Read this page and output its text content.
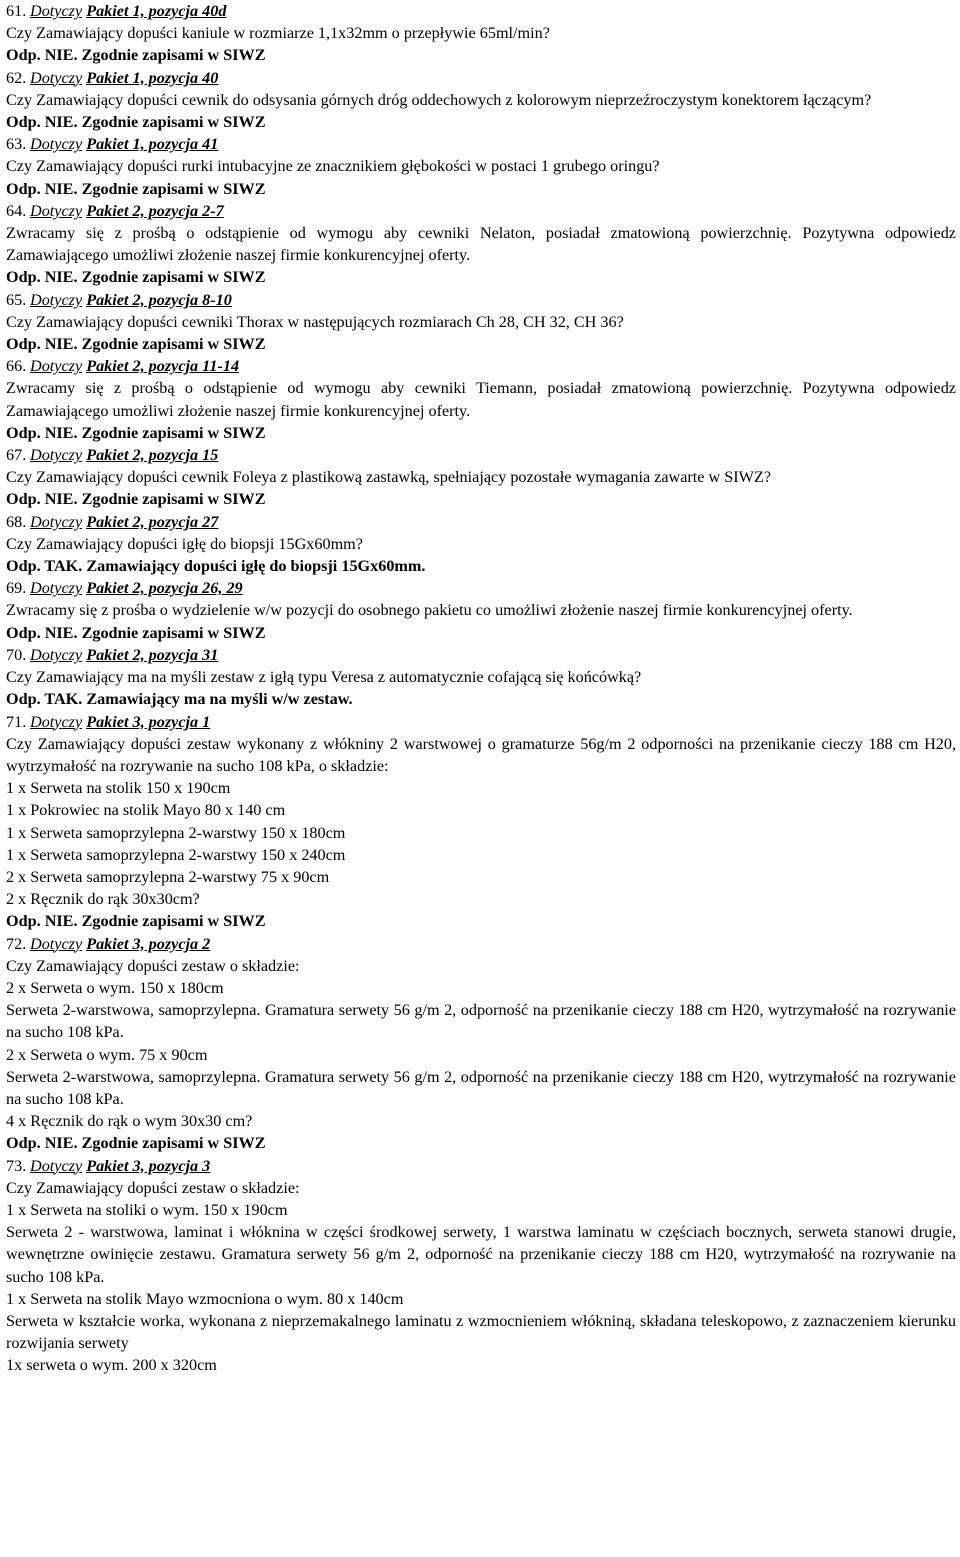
61. Dotyczy Pakiet 1, pozycja 40d
Czy Zamawiający dopuści kaniule w rozmiarze 1,1x32mm o przepływie 65ml/min?
Odp. NIE. Zgodnie zapisami w SIWZ
62. Dotyczy Pakiet 1, pozycja 40
Czy Zamawiający dopuści cewnik do odsysania górnych dróg oddechowych z kolorowym nieprzeźroczystym konektorem łączącym?
Odp. NIE. Zgodnie zapisami w SIWZ
63. Dotyczy Pakiet 1, pozycja 41
Czy Zamawiający dopuści rurki intubacyjne ze znacznikiem głębokości w postaci 1 grubego oringu?
Odp. NIE. Zgodnie zapisami w SIWZ
64. Dotyczy Pakiet 2, pozycja 2-7
Zwracamy się z prośbą o odstąpienie od wymogu aby cewniki Nelaton, posiadał zmatowioną powierzchnię. Pozytywna odpowiedz Zamawiającego umożliwi złożenie naszej firmie konkurencyjnej oferty.
Odp. NIE. Zgodnie zapisami w SIWZ
65. Dotyczy Pakiet 2, pozycja 8-10
Czy Zamawiający dopuści cewniki Thorax w następujących rozmiarach Ch 28, CH 32, CH 36?
Odp. NIE. Zgodnie zapisami w SIWZ
66. Dotyczy Pakiet 2, pozycja 11-14
Zwracamy się z prośbą o odstąpienie od wymogu aby cewniki Tiemann, posiadał zmatowioną powierzchnię. Pozytywna odpowiedz Zamawiającego umożliwi złożenie naszej firmie konkurencyjnej oferty.
Odp. NIE. Zgodnie zapisami w SIWZ
67. Dotyczy Pakiet 2, pozycja 15
Czy Zamawiający dopuści cewnik Foleya z plastikową zastawką, spełniający pozostałe wymagania zawarte w SIWZ?
Odp. NIE. Zgodnie zapisami w SIWZ
68. Dotyczy Pakiet 2, pozycja 27
Czy Zamawiający dopuści igłę do biopsji 15Gx60mm?
Odp. TAK. Zamawiający dopuści igłę do biopsji 15Gx60mm.
69. Dotyczy Pakiet 2, pozycja 26, 29
Zwracamy się z prośba o wydzielenie w/w pozycji do osobnego pakietu co umożliwi złożenie naszej firmie konkurencyjnej oferty.
Odp. NIE. Zgodnie zapisami w SIWZ
70. Dotyczy Pakiet 2, pozycja 31
Czy Zamawiający ma na myśli zestaw z igłą typu Veresa z automatycznie cofającą się końcówką?
Odp. TAK. Zamawiający ma na myśli w/w zestaw.
71. Dotyczy Pakiet 3, pozycja 1
Czy Zamawiający dopuści zestaw wykonany z włókniny 2 warstwowej o gramaturze 56g/m 2 odporności na przenikanie cieczy 188 cm H20, wytrzymałość na rozrywanie na sucho 108 kPa, o składzie:
1 x Serweta na stolik 150 x 190cm
1 x Pokrowiec na stolik Mayo 80 x 140 cm
1 x Serweta samoprzylepna 2-warstwy 150 x 180cm
1 x Serweta samoprzylepna 2-warstwy 150 x 240cm
2 x Serweta samoprzylepna 2-warstwy 75 x 90cm
2 x Ręcznik do rąk 30x30cm?
Odp. NIE. Zgodnie zapisami w SIWZ
72. Dotyczy Pakiet 3, pozycja 2
Czy Zamawiający dopuści zestaw o składzie:
2 x Serweta o wym. 150 x 180cm
Serweta 2-warstwowa, samoprzylepna. Gramatura serwety 56 g/m 2, odporność na przenikanie cieczy 188 cm H20, wytrzymałość na rozrywanie na sucho 108 kPa.
2 x Serweta o wym. 75 x 90cm
Serweta 2-warstwowa, samoprzylepna. Gramatura serwety 56 g/m 2, odporność na przenikanie cieczy 188 cm H20, wytrzymałość na rozrywanie na sucho 108 kPa.
4 x Ręcznik do rąk o wym 30x30 cm?
Odp. NIE. Zgodnie zapisami w SIWZ
73. Dotyczy Pakiet 3, pozycja 3
Czy Zamawiający dopuści zestaw o składzie:
1 x Serweta na stoliki o wym. 150 x 190cm
Serweta 2 - warstwowa, laminat i włóknina w części środkowej serwety, 1 warstwa laminatu w częściach bocznych, serweta stanowi drugie, wewnętrzne owinięcie zestawu. Gramatura serwety 56 g/m 2, odporność na przenikanie cieczy 188 cm H20, wytrzymałość na rozrywanie na sucho 108 kPa.
1 x Serweta na stolik Mayo wzmocniona o wym. 80 x 140cm
Serweta w kształcie worka, wykonana z nieprzemakalnego laminatu z wzmocnieniem włókniną, składana teleskopowo, z zaznaczeniem kierunku rozwijania serwety
1x serweta o wym. 200 x 320cm
